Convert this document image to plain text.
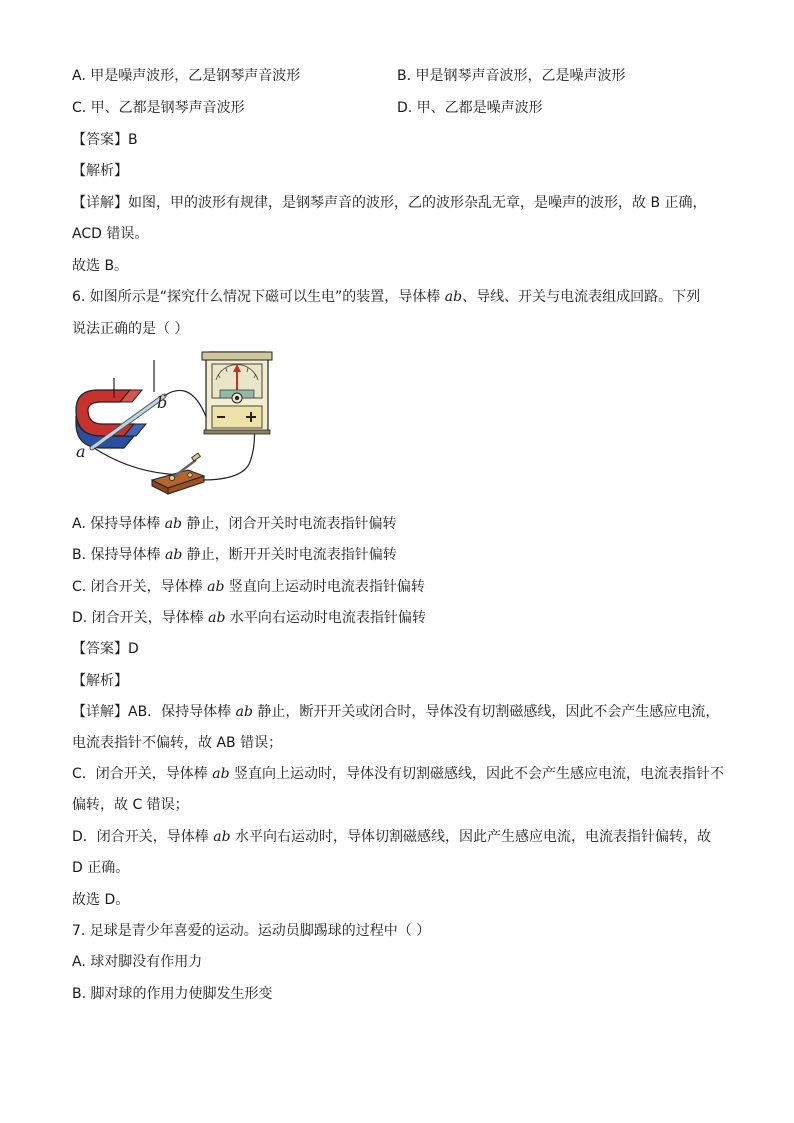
A. 甲是噪声波形，乙是钢琴声音波形	B. 甲是钢琴声音波形，乙是噪声波形
C. 甲、乙都是钢琴声音波形	D. 甲、乙都是噪声波形
【答案】B
【解析】
【详解】如图，甲的波形有规律，是钢琴声音的波形，乙的波形杂乱无章，是噪声的波形，故 B 正确，
ACD 错误。
故选 B。
6. 如图所示是“探究什么情况下磁可以生电”的装置，导体棒 ab、导线、开关与电流表组成回路。下列
说法正确的是（ ）
a
b
A. 保持导体棒 ab 静止，闭合开关时电流表指针偏转
B. 保持导体棒 ab 静止，断开开关时电流表指针偏转
C. 闭合开关，导体棒 ab 竖直向上运动时电流表指针偏转
D. 闭合开关，导体棒 ab 水平向右运动时电流表指针偏转
【答案】D
【解析】
【详解】AB．保持导体棒 ab 静止，断开开关或闭合时，导体没有切割磁感线，因此不会产生感应电流，
电流表指针不偏转，故 AB 错误；
C．闭合开关，导体棒 ab 竖直向上运动时，导体没有切割磁感线，因此不会产生感应电流，电流表指针不
偏转，故 C 错误；
D．闭合开关，导体棒 ab 水平向右运动时，导体切割磁感线，因此产生感应电流，电流表指针偏转，故
D 正确。
故选 D。
7. 足球是青少年喜爱的运动。运动员脚踢球的过程中（ ）
A. 球对脚没有作用力
B. 脚对球的作用力使脚发生形变
